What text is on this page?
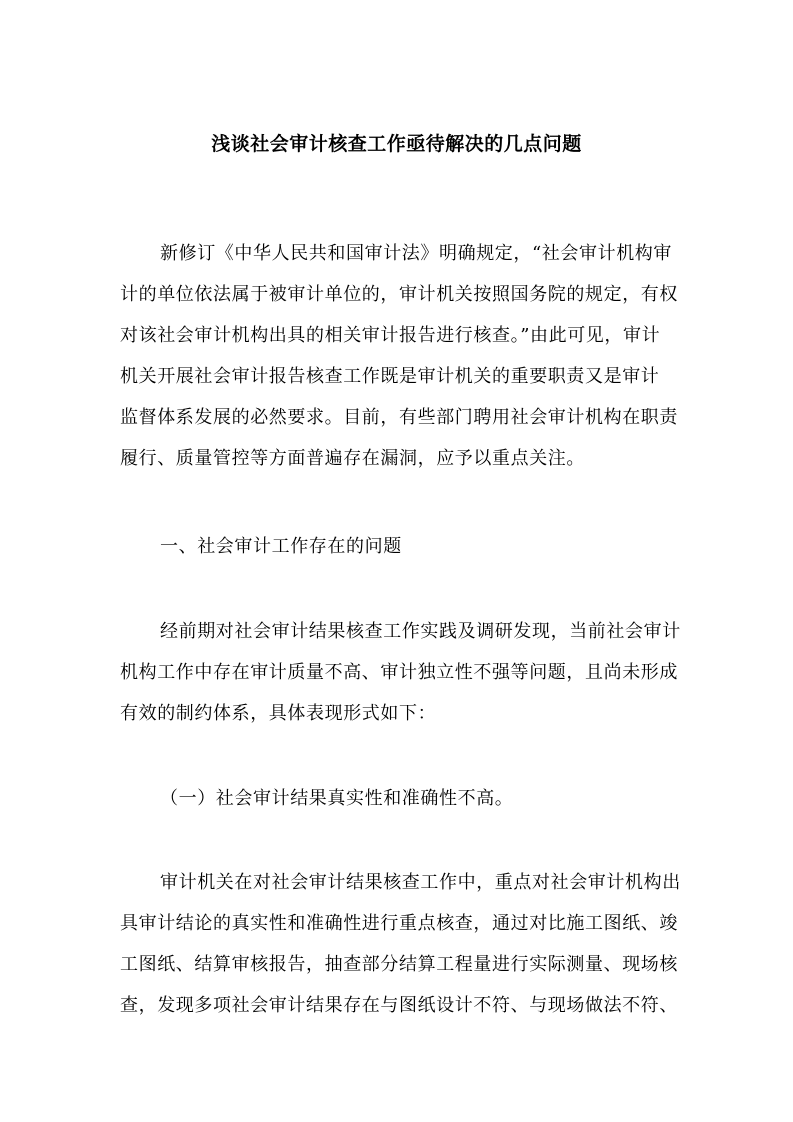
浅谈社会审计核查工作亟待解决的几点问题
新修订《中华人民共和国审计法》明确规定，“社会审计机构审
计的单位依法属于被审计单位的，审计机关按照国务院的规定，有权
对该社会审计机构出具的相关审计报告进行核查。”由此可见，审计
机关开展社会审计报告核查工作既是审计机关的重要职责又是审计
监督体系发展的必然要求。目前，有些部门聘用社会审计机构在职责
履行、质量管控等方面普遍存在漏洞，应予以重点关注。
一、社会审计工作存在的问题
经前期对社会审计结果核查工作实践及调研发现，当前社会审计
机构工作中存在审计质量不高、审计独立性不强等问题，且尚未形成
有效的制约体系，具体表现形式如下：
（一）社会审计结果真实性和准确性不高。
审计机关在对社会审计结果核查工作中，重点对社会审计机构出
具审计结论的真实性和准确性进行重点核查，通过对比施工图纸、竣
工图纸、结算审核报告，抽查部分结算工程量进行实际测量、现场核
查，发现多项社会审计结果存在与图纸设计不符、与现场做法不符、
